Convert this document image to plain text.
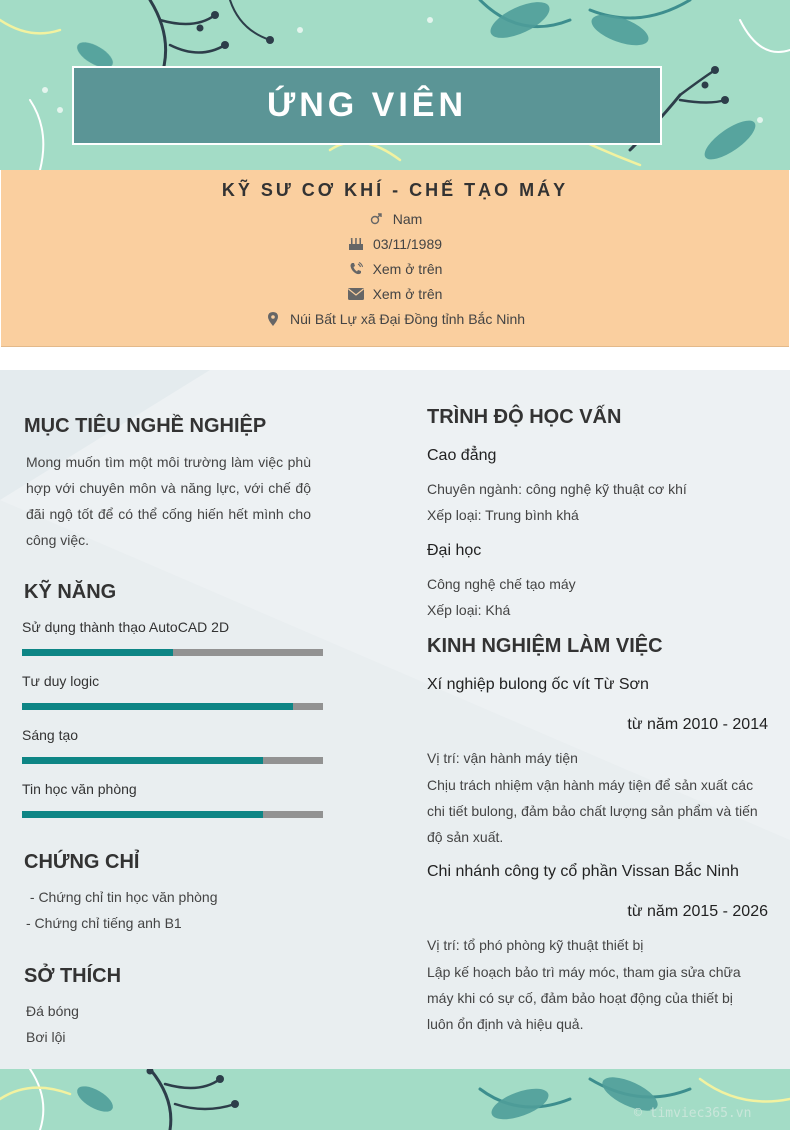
ỨNG VIÊN
KỸ SƯ CƠ KHÍ - CHẾ TẠO MÁY
Nam
03/11/1989
Xem ở trên
Xem ở trên
Núi Bất Lự xã Đại Đồng tỉnh Bắc Ninh
MỤC TIÊU NGHỀ NGHIỆP
Mong muốn tìm một môi trường làm việc phù hợp với chuyên môn và năng lực, với chế độ đãi ngộ tốt để có thể cống hiến hết mình cho công việc.
KỸ NĂNG
Sử dụng thành thạo AutoCAD 2D
Tư duy logic
Sáng tạo
Tin học văn phòng
CHỨNG CHỈ
- Chứng chỉ tin học văn phòng
- Chứng chỉ tiếng anh B1
SỞ THÍCH
Đá bóng
Bơi lội
TRÌNH ĐỘ HỌC VẤN
Cao đẳng
Chuyên ngành: công nghệ kỹ thuật cơ khí
Xếp loại: Trung bình khá
Đại học
Công nghệ chế tạo máy
Xếp loại: Khá
KINH NGHIỆM LÀM VIỆC
Xí nghiệp bulong ốc vít Từ Sơn
từ năm 2010 - 2014
Vị trí: vận hành máy tiện
Chịu trách nhiệm vận hành máy tiện để sản xuất các chi tiết bulong, đảm bảo chất lượng sản phẩm và tiến độ sản xuất.
Chi nhánh công ty cổ phần Vissan Bắc Ninh
từ năm 2015 - 2026
Vị trí: tổ phó phòng kỹ thuật thiết bị
Lập kế hoạch bảo trì máy móc, tham gia sửa chữa máy khi có sự cố, đảm bảo hoạt động của thiết bị luôn ổn định và hiệu quả.
© timviec365.vn
